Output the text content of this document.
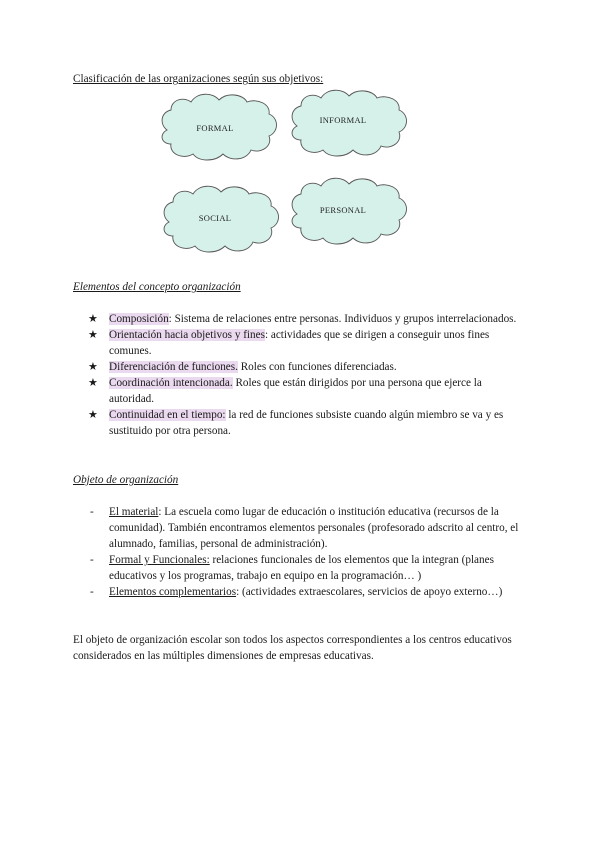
Clasificación de las organizaciones según sus objetivos:
FORMAL
INFORMAL
SOCIAL
PERSONAL
Elementos del concepto organización
★ Composición: Sistema de relaciones entre personas. Individuos y grupos interrelacionados.
★ Orientación hacia objetivos y fines: actividades que se dirigen a conseguir unos fines comunes.
★ Diferenciación de funciones. Roles con funciones diferenciadas.
★ Coordinación intencionada. Roles que están dirigidos por una persona que ejerce la autoridad.
★ Continuidad en el tiempo: la red de funciones subsiste cuando algún miembro se va y es sustituido por otra persona.
Objeto de organización
- El material: La escuela como lugar de educación o institución educativa (recursos de la comunidad). También encontramos elementos personales (profesorado adscrito al centro, el alumnado, familias, personal de administración).
- Formal y Funcionales: relaciones funcionales de los elementos que la integran (planes educativos y los programas, trabajo en equipo en la programación… )
- Elementos complementarios: (actividades extraescolares, servicios de apoyo externo…)
El objeto de organización escolar son todos los aspectos correspondientes a los centros educativos considerados en las múltiples dimensiones de empresas educativas.
